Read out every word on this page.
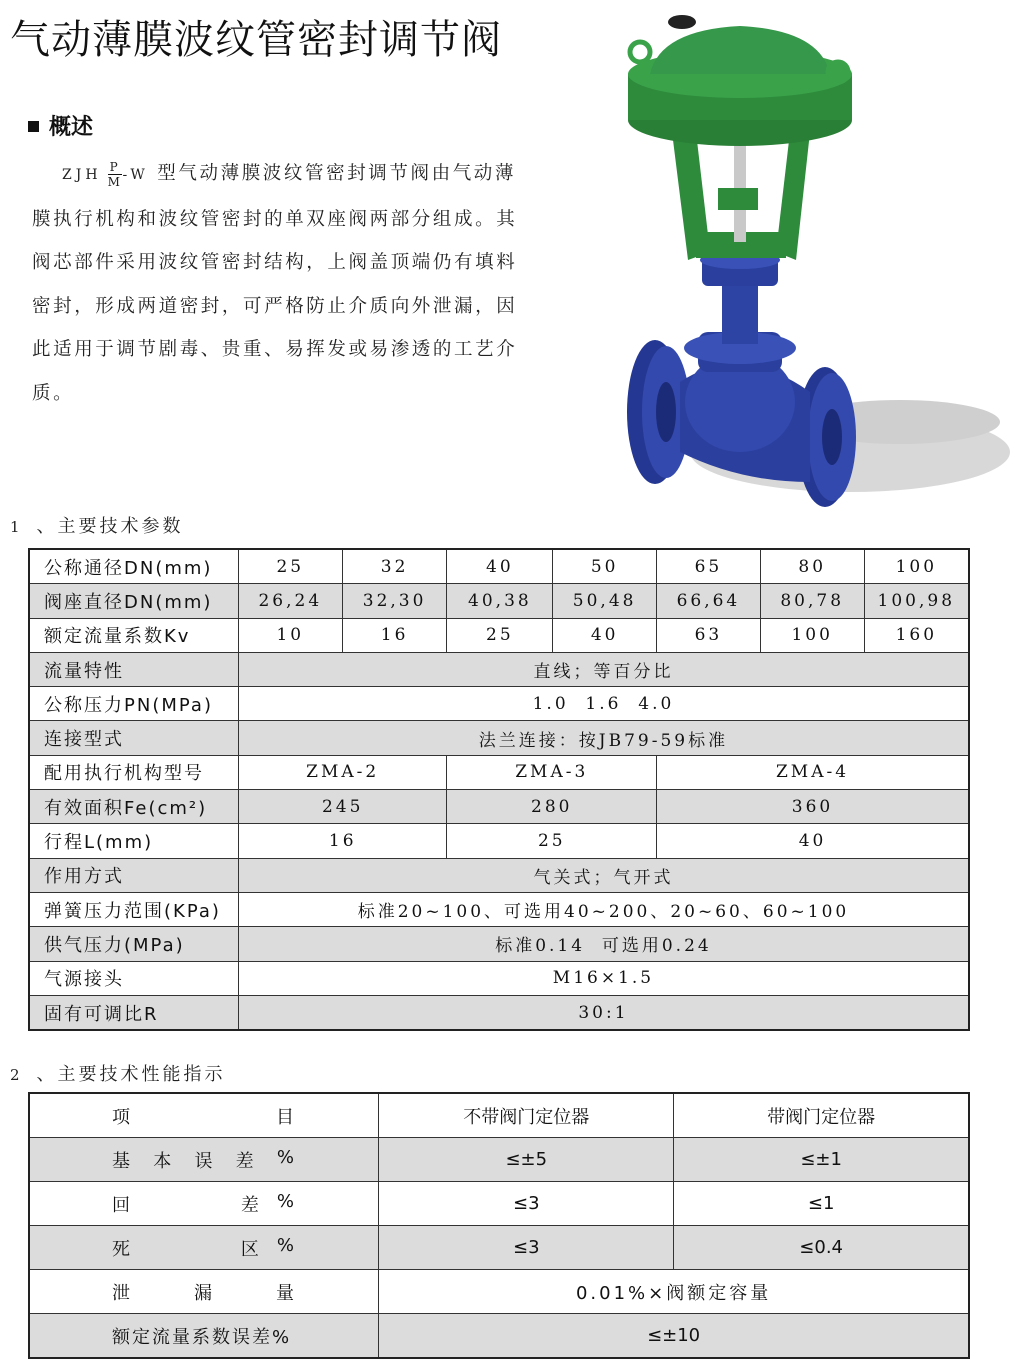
气动薄膜波纹管密封调节阀
概述

ZJH $\frac{P}{M} -W$ 型气动薄膜波纹管密封调节阀由气动薄膜执行机构和波纹管密封的单双座阀两部分组成。其阀芯部件采用波纹管密封结构，上阀盖顶端仍有填料密封，形成两道密封，可严格防止介质向外泄漏，因此适用于调节剧毒、贵重、易挥发或易渗透的工艺介质。

1 、主要技术参数
公称通径DN(mm)	25	32	40	50	65	80	100
阀座直径DN(mm)	26,24	32,30	40,38	50,48	66,64	80,78	100,98
额定流量系数Kv	10	16	25	40	63	100	160
流量特性	直线；等百分比						
公称压力PN(MPa)	1.0  1.6  4.0						
连接型式	法兰连接：按JB79-59标准						
配用执行机构型号	ZMA-2		ZMA-3		ZMA-4		
有效面积Fe(cm²)	245		280		360		
行程L(mm)	16		25		40		
作用方式	气关式；气开式						
弹簧压力范围(KPa)	标准20~100、可选用40~200、20~60、60~100						
供气压力(MPa)	标准0.14  可选用0.24						
气源接头	M16×1.5						
固有可调比R	30:1						
2 、主要技术性能指示
项 目	不带阀门定位器	带阀门定位器

基 本 误 差 %	≤±5	≤±1

回 差 %	≤3	≤1

死 区 %	≤3	≤0.4

泄 漏 量	0.01%×阀额定容量	
额定流量系数误差%	≤±10	
